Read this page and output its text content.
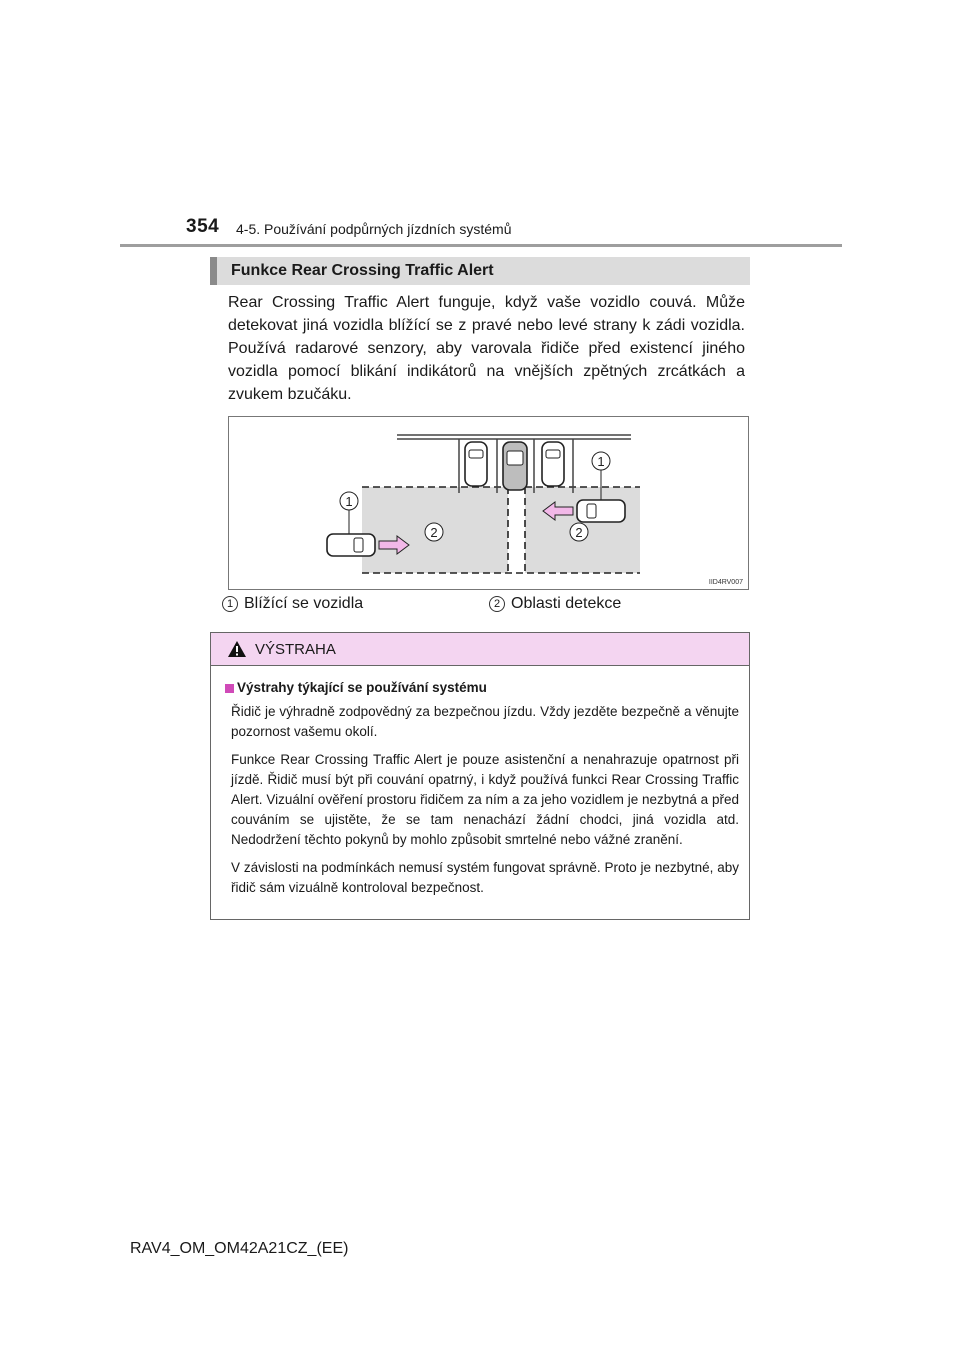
354 4-5. Používání podpůrných jízdních systémů
Funkce Rear Crossing Traffic Alert

Rear Crossing Traffic Alert funguje, když vaše vozidlo couvá. Může detekovat jiná vozidla blížící se z pravé nebo levé strany k zádi vozidla. Používá radarové senzory, aby varovala řidiče před existencí jiného vozidla pomocí blikání indikátorů na vnějších zpětných zrcátkách a zvukem bzučáku.

1
1
2	2
IID4RV007
1 Blížící se vozidla	2 Oblasti detekce
VÝSTRAHA
Výstrahy týkající se používání systému

Řidič je výhradně zodpovědný za bezpečnou jízdu. Vždy jezděte bezpečně a věnujte pozornost vašemu okolí.

Funkce Rear Crossing Traffic Alert je pouze asistenční a nenahrazuje opatrnost při jízdě. Řidič musí být při couvání opatrný, i když používá funkci Rear Crossing Traffic Alert. Vizuální ověření prostoru řidičem za ním a za jeho vozidlem je nezbytná a před couváním se ujistěte, že se tam nenachází žádní chodci, jiná vozidla atd. Nedodržení těchto pokynů by mohlo způsobit smrtelné nebo vážné zranění.

V závislosti na podmínkách nemusí systém fungovat správně. Proto je nezbytné, aby řidič sám vizuálně kontroloval bezpečnost.

RAV4_OM_OM42A21CZ_(EE)
